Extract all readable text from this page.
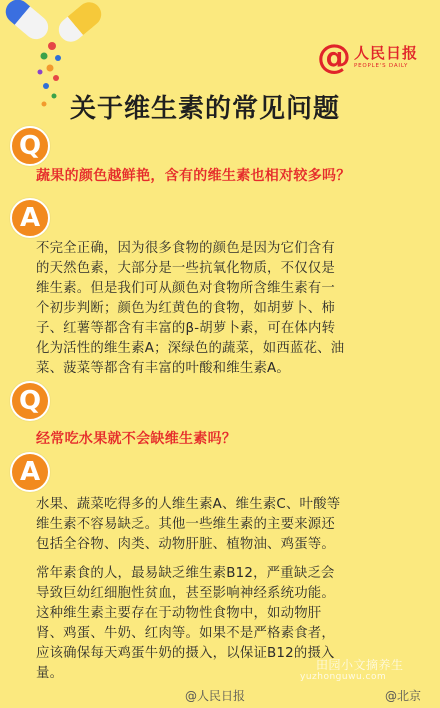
@ 人民日报
PEOPLE'S DAILY
关于维生素的常见问题
Q
蔬果的颜色越鲜艳，含有的维生素也相对较多吗？
A
不完全正确，因为很多食物的颜色是因为它们含有
的天然色素，大部分是一些抗氧化物质，不仅仅是
维生素。但是我们可从颜色对食物所含维生素有一
个初步判断；颜色为红黄色的食物，如胡萝卜、柿
子、红薯等都含有丰富的β-胡萝卜素，可在体内转
化为活性的维生素A；深绿色的蔬菜，如西蓝花、油
菜、菠菜等都含有丰富的叶酸和维生素A。
Q
经常吃水果就不会缺维生素吗？
A
水果、蔬菜吃得多的人维生素A、维生素C、叶酸等
维生素不容易缺乏。其他一些维生素的主要来源还
包括全谷物、肉类、动物肝脏、植物油、鸡蛋等。
常年素食的人，最易缺乏维生素B12，严重缺乏会
导致巨幼红细胞性贫血，甚至影响神经系统功能。
这种维生素主要存在于动物性食物中，如动物肝
肾、鸡蛋、牛奶、红肉等。如果不是严格素食者，
应该确保每天鸡蛋牛奶的摄入，以保证B12的摄入
量。
田园小文摘养生
yuzhonguwu.com
@人民日报	@北京
